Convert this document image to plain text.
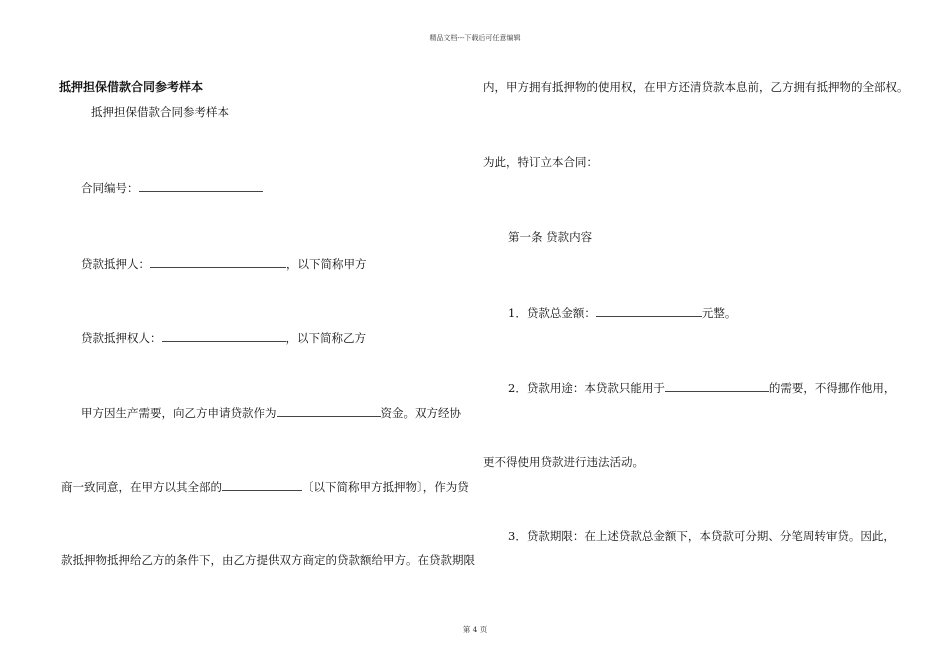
精品文档---下载后可任意编辑
抵押担保借款合同参考样本
抵押担保借款合同参考样本
合同编号：
贷款抵押人：	，以下简称甲方
贷款抵押权人：	，以下简称乙方
甲方因生产需要，向乙方申请贷款作为	资金。双方经协
商一致同意，在甲方以其全部的	〔以下简称甲方抵押物〕，作为贷
款抵押物抵押给乙方的条件下，由乙方提供双方商定的贷款额给甲方。在贷款期限
内，甲方拥有抵押物的使用权，在甲方还清贷款本息前，乙方拥有抵押物的全部权。
为此，特订立本合同：
第一条 贷款内容
1．贷款总金额：	元整。
2．贷款用途：本贷款只能用于	的需要，不得挪作他用，
更不得使用贷款进行违法活动。
3．贷款期限：在上述贷款总金额下，本贷款可分期、分笔周转审贷。因此，
第 4 页
